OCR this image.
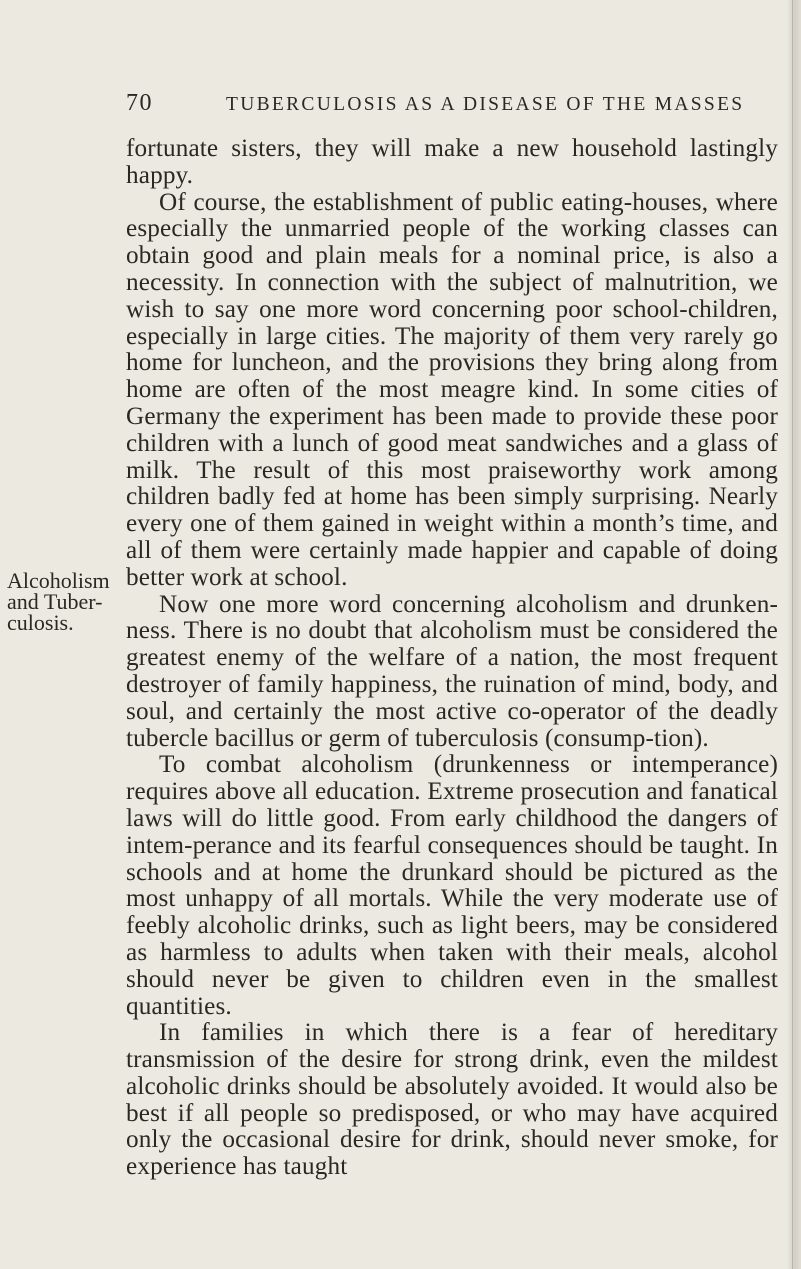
70	TUBERCULOSIS AS A DISEASE OF THE MASSES
Alcoholism
and Tuber-
culosis.

fortunate sisters, they will make a new household lastingly happy.

Of course, the establishment of public eating-houses, where especially the unmarried people of the working classes can obtain good and plain meals for a nominal price, is also a necessity. In connection with the subject of malnutrition, we wish to say one more word concerning poor school-children, especially in large cities. The majority of them very rarely go home for luncheon, and the provisions they bring along from home are often of the most meagre kind. In some cities of Germany the experiment has been made to provide these poor children with a lunch of good meat sandwiches and a glass of milk. The result of this most praiseworthy work among children badly fed at home has been simply surprising. Nearly every one of them gained in weight within a month’s time, and all of them were certainly made happier and capable of doing better work at school.

Now one more word concerning alcoholism and drunken-ness. There is no doubt that alcoholism must be considered the greatest enemy of the welfare of a nation, the most frequent destroyer of family happiness, the ruination of mind, body, and soul, and certainly the most active co-operator of the deadly tubercle bacillus or germ of tuberculosis (consump-tion).

To combat alcoholism (drunkenness or intemperance) requires above all education. Extreme prosecution and fanatical laws will do little good. From early childhood the dangers of intem-perance and its fearful consequences should be taught. In schools and at home the drunkard should be pictured as the most unhappy of all mortals. While the very moderate use of feebly alcoholic drinks, such as light beers, may be considered as harmless to adults when taken with their meals, alcohol should never be given to children even in the smallest quantities.

In families in which there is a fear of hereditary transmission of the desire for strong drink, even the mildest alcoholic drinks should be absolutely avoided. It would also be best if all people so predisposed, or who may have acquired only the occasional desire for drink, should never smoke, for experience has taught
